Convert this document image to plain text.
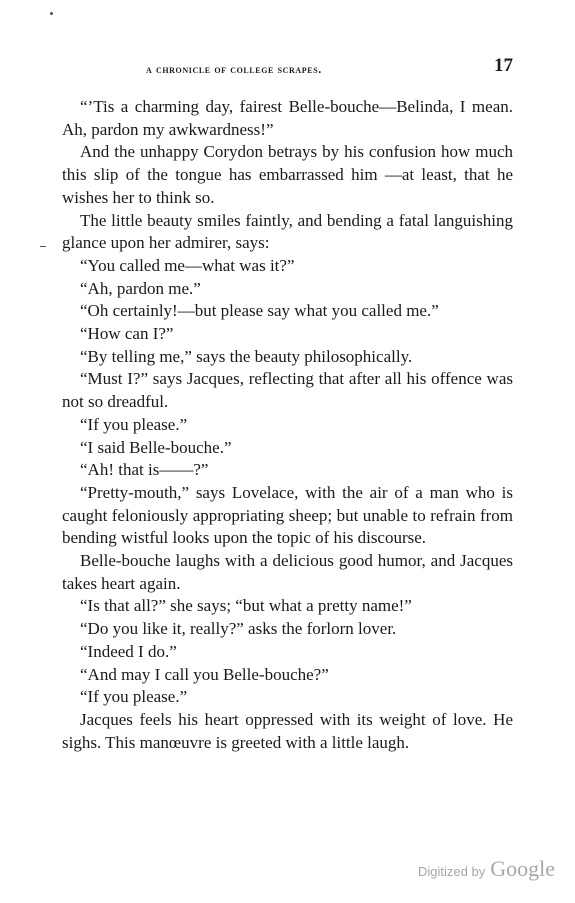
a chronicle of college scrapes.	17

“’Tis a charming day, fairest Belle-bouche—Belinda, I mean. Ah, pardon my awkwardness!”

And the unhappy Corydon betrays by his confusion how much this slip of the tongue has embarrassed him —at least, that he wishes her to think so.

The little beauty smiles faintly, and bending a fatal languishing glance upon her admirer, says:

“You called me—what was it?”

“Ah, pardon me.”

“Oh certainly!—but please say what you called me.”

“How can I?”

“By telling me,” says the beauty philosophically.

“Must I?” says Jacques, reflecting that after all his offence was not so dreadful.

“If you please.”

“I said Belle-bouche.”

“Ah! that is——?”

“Pretty-mouth,” says Lovelace, with the air of a man who is caught feloniously appropriating sheep; but unable to refrain from bending wistful looks upon the topic of his discourse.

Belle-bouche laughs with a delicious good humor, and Jacques takes heart again.

“Is that all?” she says; “but what a pretty name!”

“Do you like it, really?” asks the forlorn lover.

“Indeed I do.”

“And may I call you Belle-bouche?”

“If you please.”

Jacques feels his heart oppressed with its weight of love. He sighs. This manœuvre is greeted with a little laugh.

Digitized by Google
